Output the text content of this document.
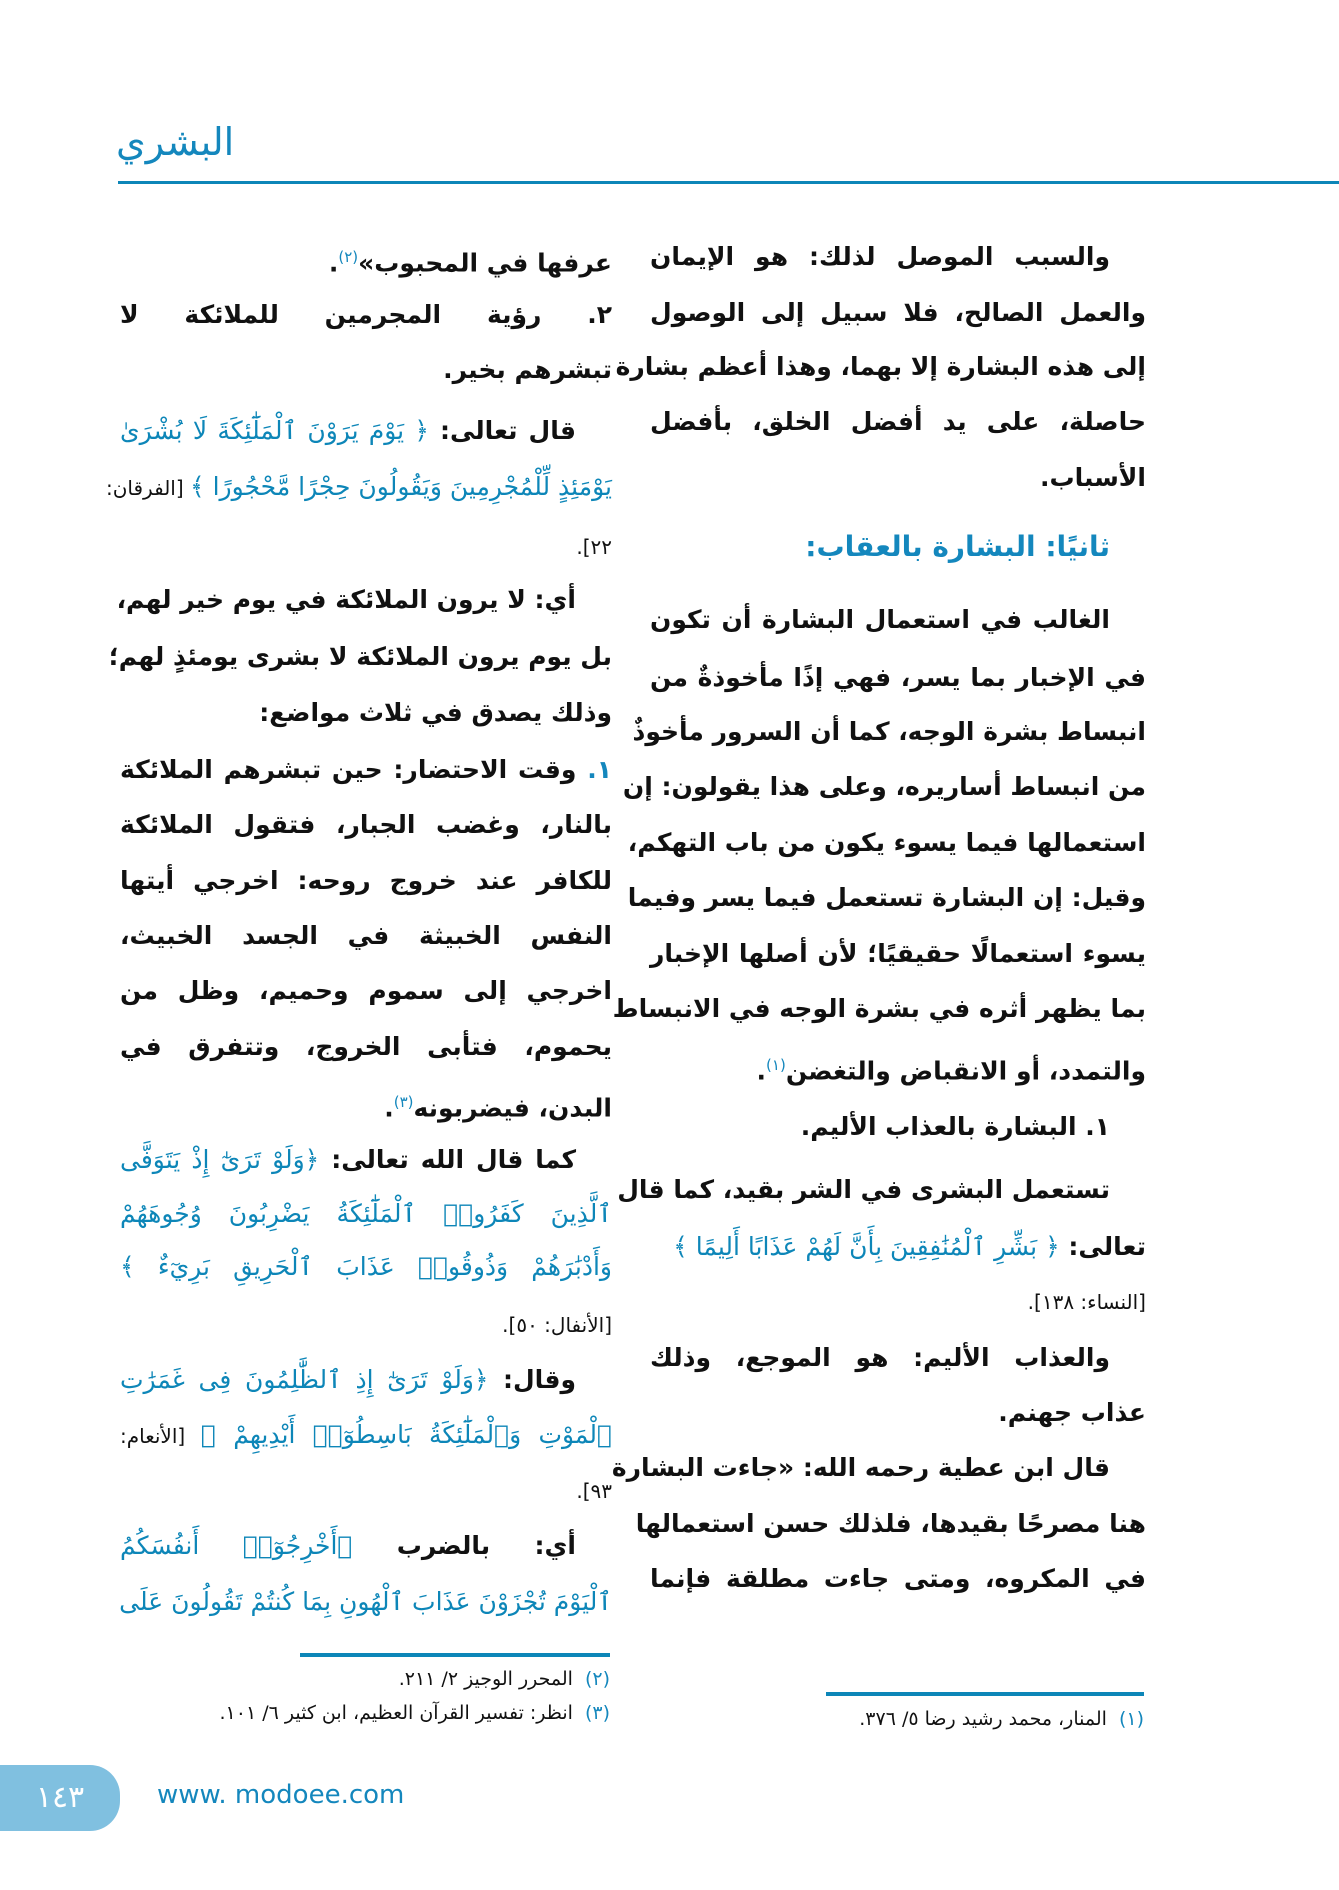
البشري
والسبب الموصل لذلك: هو الإيمان
والعمل الصالح، فلا سبيل إلى الوصول
إلى هذه البشارة إلا بهما، وهذا أعظم بشارة
حاصلة، على يد أفضل الخلق، بأفضل
الأسباب.
ثانيًا: البشارة بالعقاب:
الغالب في استعمال البشارة أن تكون
في الإخبار بما يسر، فهي إذًا مأخوذةٌ من
انبساط بشرة الوجه، كما أن السرور مأخوذٌ
من انبساط أساريره، وعلى هذا يقولون: إن
استعمالها فيما يسوء يكون من باب التهكم،
وقيل: إن البشارة تستعمل فيما يسر وفيما
يسوء استعمالًا حقيقيًا؛ لأن أصلها الإخبار
بما يظهر أثره في بشرة الوجه في الانبساط
والتمدد، أو الانقباض والتغضن$^{(١)}$.
١. البشارة بالعذاب الأليم.
تستعمل البشرى في الشر بقيد، كما قال
تعالى: ﴿ بَشِّرِ ٱلْمُنَٰفِقِينَ بِأَنَّ لَهُمْ عَذَابًا أَلِيمًا ﴾
[النساء: ١٣٨].
والعذاب الأليم: هو الموجع، وذلك
عذاب جهنم.
قال ابن عطية رحمه الله: «جاءت البشارة
هنا مصرحًا بقيدها، فلذلك حسن استعمالها
في المكروه، ومتى جاءت مطلقة فإنما
عرفها في المحبوب»$^{(٢)}$.
٢. رؤية المجرمين للملائكة لا
تبشرهم بخير.
قال تعالى: ﴿ يَوْمَ يَرَوْنَ ٱلْمَلَٰٓئِكَةَ لَا بُشْرَىٰ
يَوْمَئِذٍ لِّلْمُجْرِمِينَ وَيَقُولُونَ حِجْرًا مَّحْجُورًا ﴾ [الفرقان:
٢٢].
أي: لا يرون الملائكة في يوم خير لهم،
بل يوم يرون الملائكة لا بشرى يومئذٍ لهم؛
وذلك يصدق في ثلاث مواضع:
١. وقت الاحتضار: حين تبشرهم الملائكة
بالنار، وغضب الجبار، فتقول الملائكة
للكافر عند خروج روحه: اخرجي أيتها
النفس الخبيثة في الجسد الخبيث،
اخرجي إلى سموم وحميم، وظل من
يحموم، فتأبى الخروج، وتتفرق في
البدن، فيضربونه$^{(٣)}$.
كما قال الله تعالى: ﴿وَلَوْ تَرَىٰٓ إِذْ يَتَوَفَّى
ٱلَّذِينَ كَفَرُوا۟ ٱلْمَلَٰٓئِكَةُ يَضْرِبُونَ وُجُوهَهُمْ
وَأَدْبَٰرَهُمْ وَذُوقُوا۟ عَذَابَ ٱلْحَرِيقِ بَرِيٓءٌ ﴾
[الأنفال: ٥٠].
وقال: ﴿وَلَوْ تَرَىٰٓ إِذِ ٱلظَّٰلِمُونَ فِى غَمَرَٰتِ
ٱلْمَوْتِ وَٱلْمَلَٰٓئِكَةُ بَاسِطُوٓا۟ أَيْدِيهِمْ ﴾ [الأنعام:
٩٣].
أي: بالضرب ﴿أَخْرِجُوٓا۟ أَنفُسَكُمُ
ٱلْيَوْمَ تُجْزَوْنَ عَذَابَ ٱلْهُونِ بِمَا كُنتُمْ تَقُولُونَ عَلَى
(٢)المحرر الوجيز ٢/ ٢١١.
(٣)انظر: تفسير القرآن العظيم، ابن كثير ٦/ ١٠١.	(١)المنار، محمد رشيد رضا ٥/ ٣٧٦.
١٤٣	www. modoee.com
